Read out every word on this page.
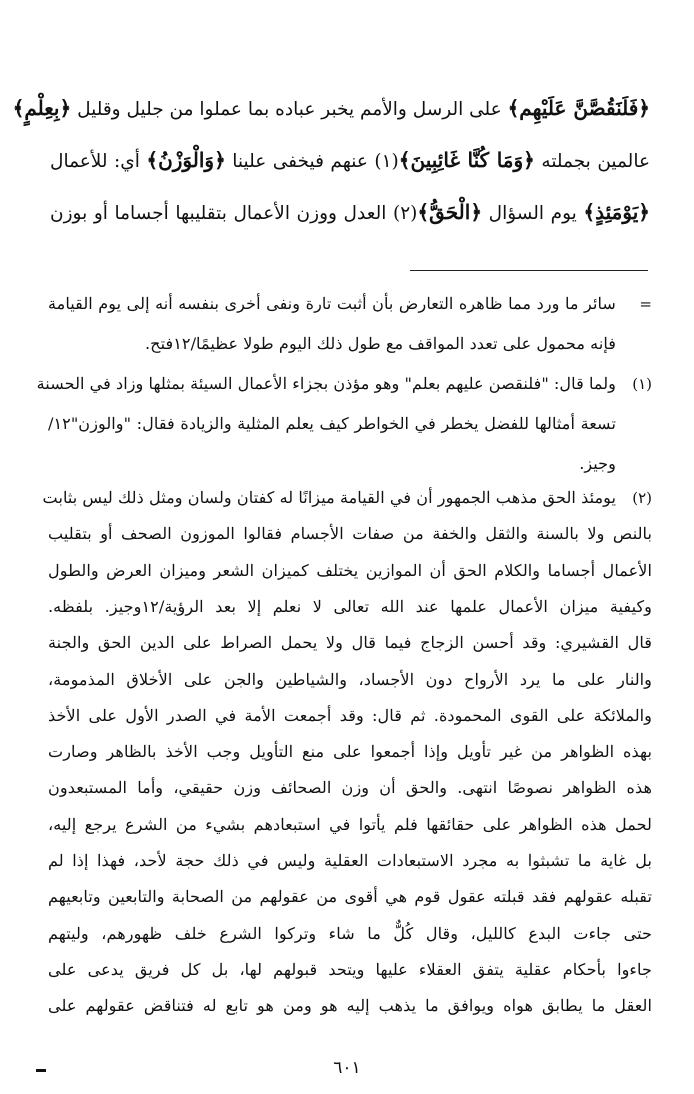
﴿فَلَنَقُصَّنَّ عَلَيْهِم﴾ على الرسل والأمم يخبر عباده بما عملوا من جليل وقليل ﴿بِعِلْمٍ﴾
عالمين بجملته ﴿وَمَا كُنَّا غَائِبِينَ﴾(١) عنهم فيخفى علينا ﴿وَالْوَزْنُ﴾ أي: للأعمال
﴿يَوْمَئِذٍ﴾ يوم السؤال ﴿الْحَقُّ﴾(٢) العدل ووزن الأعمال بتقليبها أجساما أو بوزن
=
سائر ما ورد مما ظاهره التعارض بأن أثبت تارة ونفى أخرى بنفسه أنه إلى يوم القيامة
فإنه محمول على تعدد المواقف مع طول ذلك اليوم طولا عظيمًا/١٢فتح.
(١)
ولما قال: "فلنقصن عليهم بعلم" وهو مؤذن بجزاء الأعمال السيئة بمثلها وزاد في الحسنة
تسعة أمثالها للفضل يخطر في الخواطر كيف يعلم المثلية والزيادة فقال: "والوزن"١٢/
وجيز.
(٢)
يومئذ الحق مذهب الجمهور أن في القيامة ميزانًا له كفتان ولسان ومثل ذلك ليس بثابت
بالنص ولا بالسنة والثقل والخفة من صفات الأجسام فقالوا الموزون الصحف أو بتقليب
الأعمال أجساما والكلام الحق أن الموازين يختلف كميزان الشعر وميزان العرض والطول
وكيفية ميزان الأعمال علمها عند الله تعالى لا نعلم إلا بعد الرؤية/١٢وجيز. بلفظه.
قال القشيري: وقد أحسن الزجاج فيما قال ولا يحمل الصراط على الدين الحق والجنة
والنار على ما يرد الأرواح دون الأجساد، والشياطين والجن على الأخلاق المذمومة،
والملائكة على القوى المحمودة. ثم قال: وقد أجمعت الأمة في الصدر الأول على الأخذ
بهذه الظواهر من غير تأويل وإذا أجمعوا على منع التأويل وجب الأخذ بالظاهر وصارت
هذه الظواهر نصوصًا انتهى. والحق أن وزن الصحائف وزن حقيقي، وأما المستبعدون
لحمل هذه الظواهر على حقائقها فلم يأتوا في استبعادهم بشيء من الشرع يرجع إليه،
بل غاية ما تشبثوا به مجرد الاستبعادات العقلية وليس في ذلك حجة لأحد، فهذا إذا لم
تقبله عقولهم فقد قبلته عقول قوم هي أقوى من عقولهم من الصحابة والتابعين وتابعيهم
حتى جاءت البدع كالليل، وقال كُلٌّ ما شاء وتركوا الشرع خلف ظهورهم، وليتهم
جاءوا بأحكام عقلية يتفق العقلاء عليها ويتحد قبولهم لها، بل كل فريق يدعى على
العقل ما يطابق هواه ويوافق ما يذهب إليه هو ومن هو تابع له فتناقض عقولهم على
٦٠١
